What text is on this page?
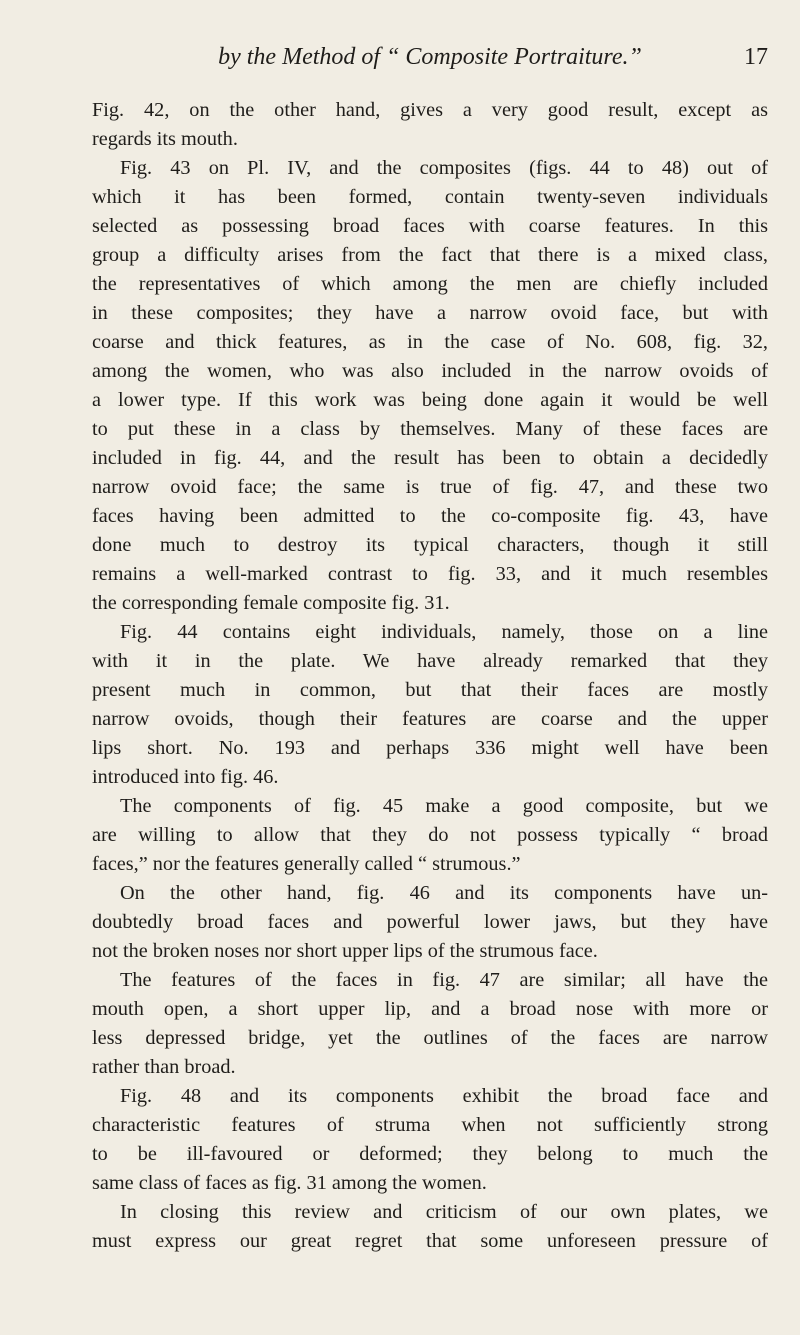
by the Method of “ Composite Portraiture.”	17

Fig. 42, on the other hand, gives a very good result, except as
regards its mouth.

Fig. 43 on Pl. IV, and the composites (figs. 44 to 48) out of
which it has been formed, contain twenty-seven individuals
selected as possessing broad faces with coarse features. In this
group a difficulty arises from the fact that there is a mixed class,
the representatives of which among the men are chiefly included
in these composites; they have a narrow ovoid face, but with
coarse and thick features, as in the case of No. 608, fig. 32,
among the women, who was also included in the narrow ovoids of
a lower type. If this work was being done again it would be well
to put these in a class by themselves. Many of these faces are
included in fig. 44, and the result has been to obtain a decidedly
narrow ovoid face; the same is true of fig. 47, and these two
faces having been admitted to the co-composite fig. 43, have
done much to destroy its typical characters, though it still
remains a well-marked contrast to fig. 33, and it much resembles
the corresponding female composite fig. 31.

Fig. 44 contains eight individuals, namely, those on a line
with it in the plate. We have already remarked that they
present much in common, but that their faces are mostly
narrow ovoids, though their features are coarse and the upper
lips short. No. 193 and perhaps 336 might well have been
introduced into fig. 46.

The components of fig. 45 make a good composite, but we
are willing to allow that they do not possess typically “ broad
faces,” nor the features generally called “ strumous.”

On the other hand, fig. 46 and its components have un-
doubtedly broad faces and powerful lower jaws, but they have
not the broken noses nor short upper lips of the strumous face.

The features of the faces in fig. 47 are similar; all have the
mouth open, a short upper lip, and a broad nose with more or
less depressed bridge, yet the outlines of the faces are narrow
rather than broad.

Fig. 48 and its components exhibit the broad face and
characteristic features of struma when not sufficiently strong
to be ill-favoured or deformed; they belong to much the
same class of faces as fig. 31 among the women.

In closing this review and criticism of our own plates, we
must express our great regret that some unforeseen pressure of
